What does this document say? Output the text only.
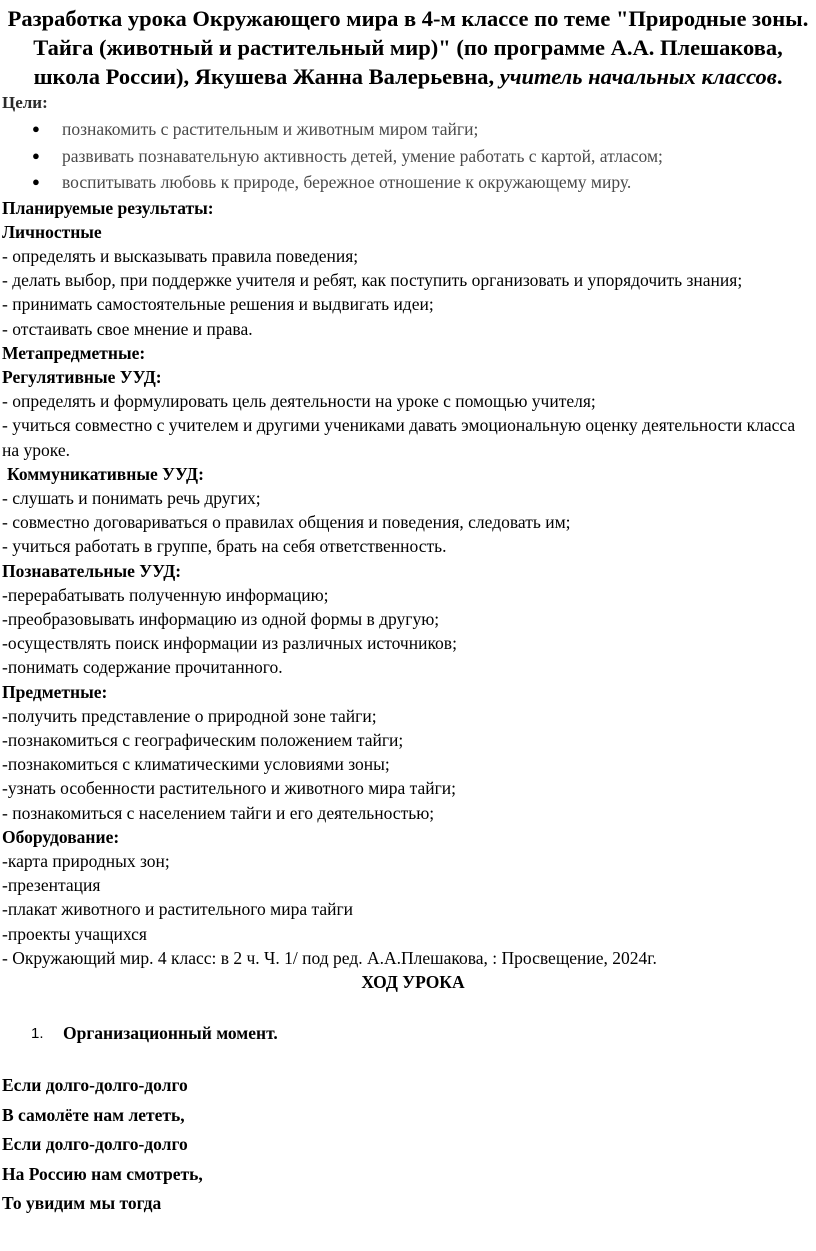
Разработка урока Окружающего мира в 4-м классе по теме "Природные зоны. Тайга (животный и растительный мир)" (по программе А.А. Плешакова, школа России), Якушева Жанна Валерьевна, учитель начальных классов.
Цели:
● познакомить с растительным и животным миром тайги;
● развивать познавательную активность детей, умение работать с картой, атласом;
● воспитывать любовь к природе, бережное отношение к окружающему миру.
Планируемые результаты:
Личностные
- определять и высказывать правила поведения;
- делать выбор, при поддержке учителя и ребят, как поступить организовать и упорядочить знания;
- принимать самостоятельные решения и выдвигать идеи;
- отстаивать свое мнение и права.
Метапредметные:
Регулятивные УУД:
- определять и формулировать цель деятельности на уроке с помощью учителя;
- учиться совместно с учителем и другими учениками давать эмоциональную оценку деятельности класса на уроке.
Коммуникативные УУД:
- слушать и понимать речь других;
- совместно договариваться о правилах общения и поведения, следовать им;
- учиться работать в группе, брать на себя ответственность.
Познавательные УУД:
-перерабатывать полученную информацию;
-преобразовывать информацию из одной формы в другую;
-осуществлять поиск информации из различных источников;
-понимать содержание прочитанного.
Предметные:
-получить представление о природной зоне тайги;
-познакомиться с географическим положением тайги;
-познакомиться с климатическими условиями зоны;
-узнать особенности растительного и животного мира тайги;
- познакомиться с населением тайги и его деятельностью;
Оборудование:
-карта природных зон;
-презентация
-плакат животного и растительного мира тайги
-проекты учащихся
- Окружающий мир. 4 класс: в 2 ч. Ч. 1/ под ред. А.А.Плешакова, : Просвещение, 2024г.
ХОД УРОКА
1. Организационный момент.
Если долго-долго-долго
В самолёте нам лететь,
Если долго-долго-долго
На Россию нам смотреть,
То увидим мы тогда
